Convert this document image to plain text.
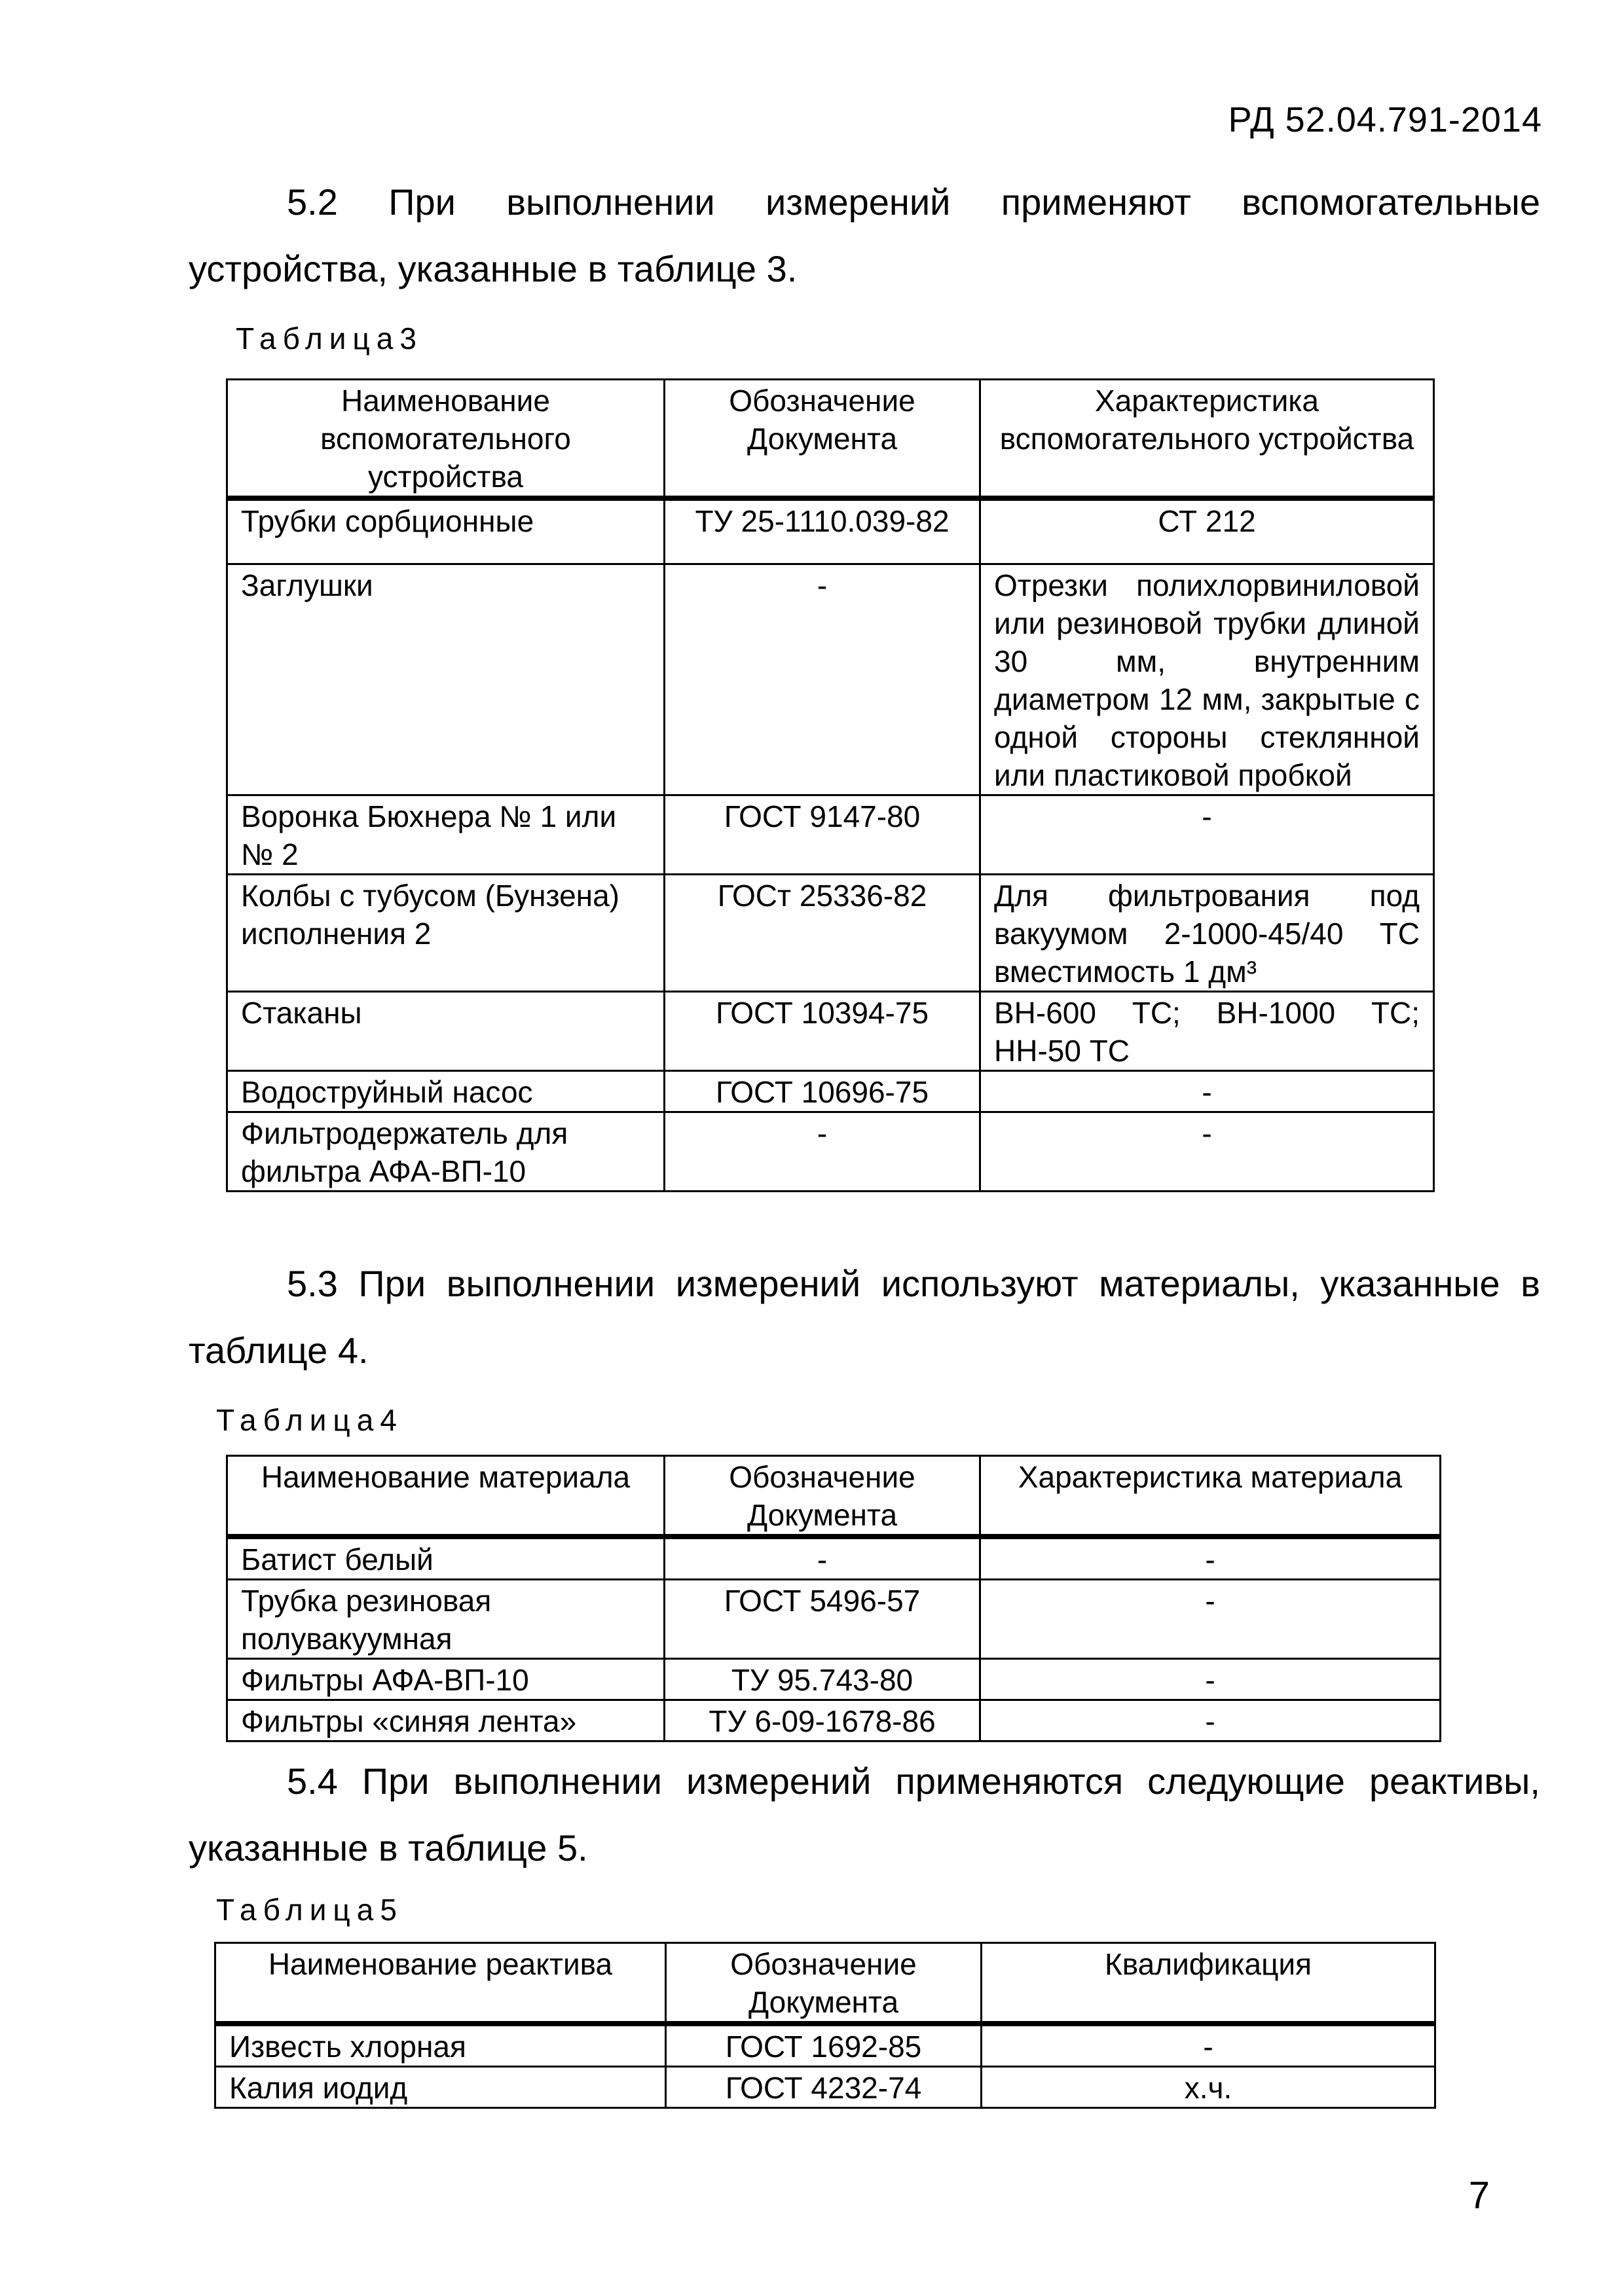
РД 52.04.791-2014

5.2 При выполнении измерений применяют вспомогательные устройства, указанные в таблице 3.

Таблица3
Наименование вспомогательного устройства	Обозначение Документа	Характеристика вспомогательного устройства
Трубки сорбционные	ТУ 25-1110.039-82	СТ 212
Заглушки	-	Отрезки полихлорвиниловой или резиновой трубки длиной 30 мм, внутренним диаметром 12 мм, закрытые с одной стороны стеклянной или пластиковой пробкой
Воронка Бюхнера № 1 или № 2	ГОСТ 9147-80	-
Колбы с тубусом (Бунзена) исполнения 2	ГОСт 25336-82	Для фильтрования под вакуумом 2-1000-45/40 ТС вместимость 1 дм³
Стаканы	ГОСТ 10394-75	ВН-600 ТС; ВН-1000 ТС; НН-50 ТС
Водоструйный насос	ГОСТ 10696-75	-
Фильтродержатель для фильтра АФА-ВП-10	-	-

5.3 При выполнении измерений используют материалы, указанные в таблице 4.

Таблица4
Наименование материала	Обозначение Документа	Характеристика материала
Батист белый	-	-
Трубка резиновая полувакуумная	ГОСТ 5496-57	-
Фильтры АФА-ВП-10	ТУ 95.743-80	-
Фильтры «синяя лента»	ТУ 6-09-1678-86	-

5.4 При выполнении измерений применяются следующие реактивы, указанные в таблице 5.

Таблица5
Наименование реактива	Обозначение Документа	Квалификация
Известь хлорная	ГОСТ 1692-85	-
Калия иодид	ГОСТ 4232-74	х.ч.
7
